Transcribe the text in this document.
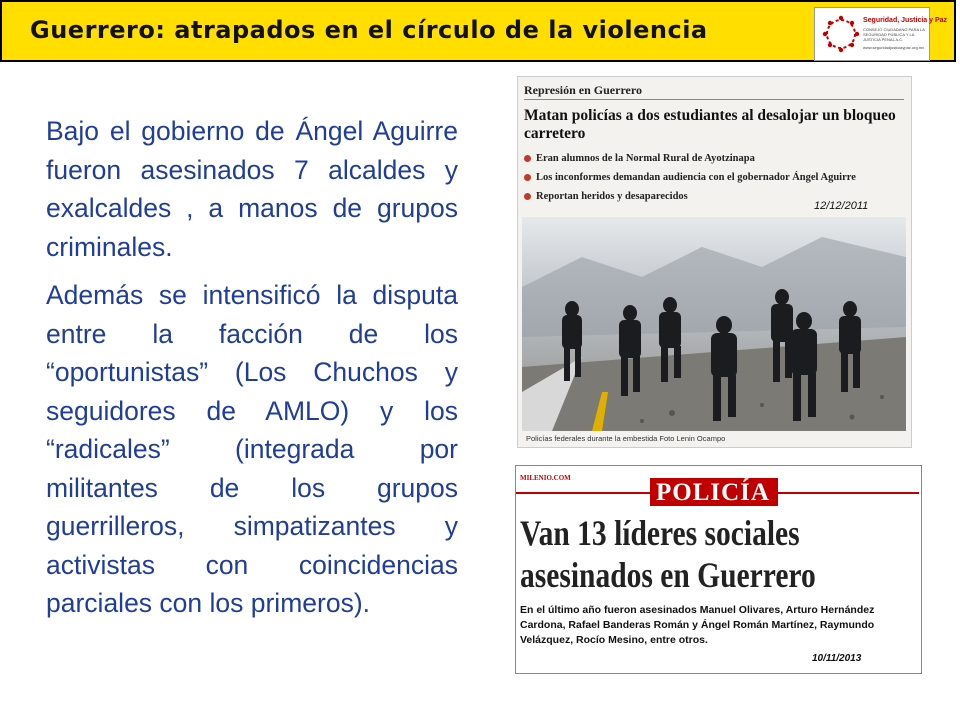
Guerrero: atrapados en el círculo de la violencia	Seguridad, Justicia y Paz
CONSEJO CIUDADANO PARA LA SEGURIDAD PÚBLICA Y LA JUSTICIA PENAL A.C.
www.seguridadjusticiaypaz.org.mx

Bajo el gobierno de Ángel Aguirre fueron asesinados 7 alcaldes y exalcaldes , a manos de grupos criminales.

Además se intensificó la disputa entre la facción de los “oportunistas” (Los Chuchos y seguidores de AMLO) y los “radicales” (integrada por militantes de los grupos guerrilleros, simpatizantes y activistas con coincidencias parciales con los primeros).

Represión en Guerrero
Matan policías a dos estudiantes al desalojar un bloqueo carretero
Eran alumnos de la Normal Rural de Ayotzinapa
Los inconformes demandan audiencia con el gobernador Ángel Aguirre
Reportan heridos y desaparecidos
12/12/2011
Policías federales durante la embestida Foto Lenin Ocampo
POLICÍA
MILENIO.COM
Van 13 líderes sociales
asesinados en Guerrero
En el último año fueron asesinados Manuel Olivares, Arturo Hernández Cardona, Rafael Banderas Román y Ángel Román Martínez, Raymundo Velázquez, Rocío Mesino, entre otros.
10/11/2013
